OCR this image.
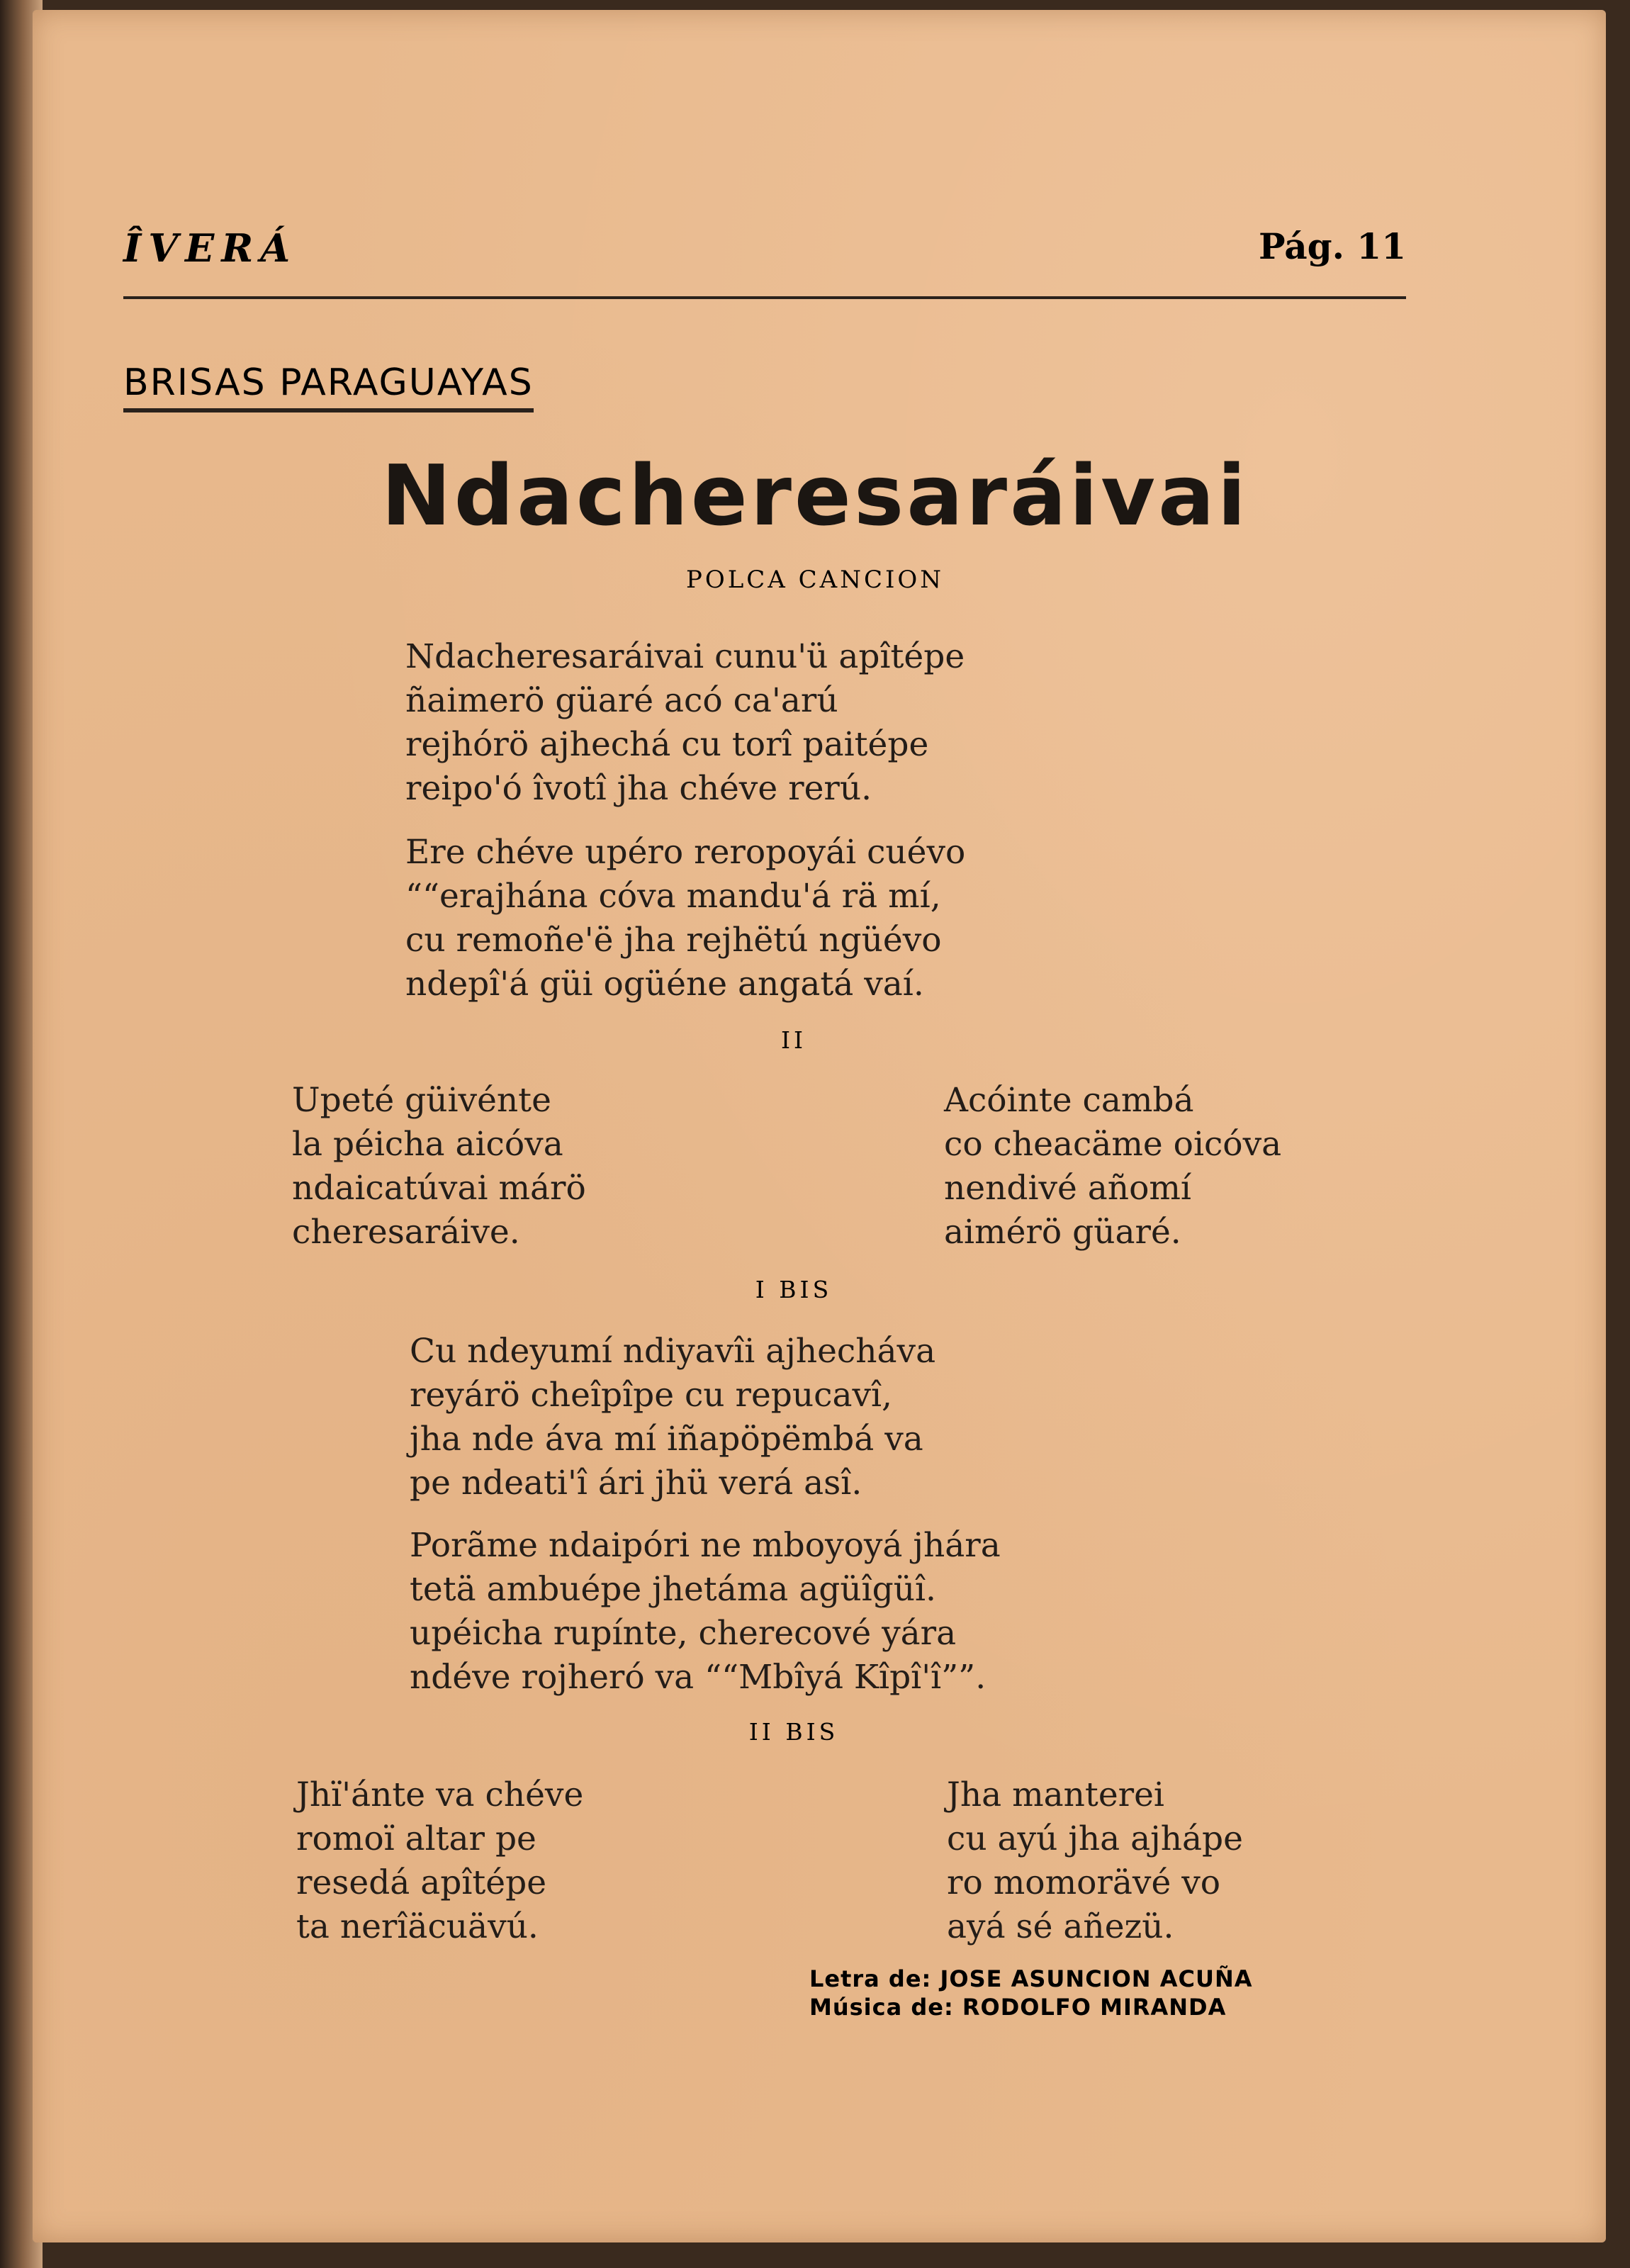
ÎVERÁ	Pág. 11
BRISAS PARAGUAYAS
Ndacheresaráivai
POLCA CANCION
Ndacheresaráivai cunu'ü apîtépe
ñaimerö güaré acó ca'arú
rejhórö ajhechá cu torî paitépe
reipo'ó îvotî jha chéve rerú.
Ere chéve upéro reropoyái cuévo
““erajhána cóva mandu'á rä mí,
cu remoñe'ë jha rejhëtú ngüévo
ndepî'á güi ogüéne angatá vaí.
II
Upeté güivénte
la péicha aicóva
ndaicatúvai márö
cheresaráive.
Acóinte cambá
co cheacäme oicóva
nendivé añomí
aimérö güaré.
I BIS
Cu ndeyumí ndiyavîi ajhecháva
reyárö cheîpîpe cu repucavî,
jha nde áva mí iñapöpëmbá va
pe ndeati'î ári jhü verá asî.
Porãme ndaipóri ne mboyoyá jhára
tetä ambuépe jhetáma agüîgüî.
upéicha rupínte, cherecové yára
ndéve rojheró va ““Mbîyá Kîpî'î””.
II BIS
Jhï'ánte va chéve
romoï altar pe
resedá apîtépe
ta nerîäcuävú.
Jha manterei
cu ayú jha ajhápe
ro momorävé vo
ayá sé añezü.
Letra de: JOSE ASUNCION ACUÑA
Música de: RODOLFO MIRANDA
